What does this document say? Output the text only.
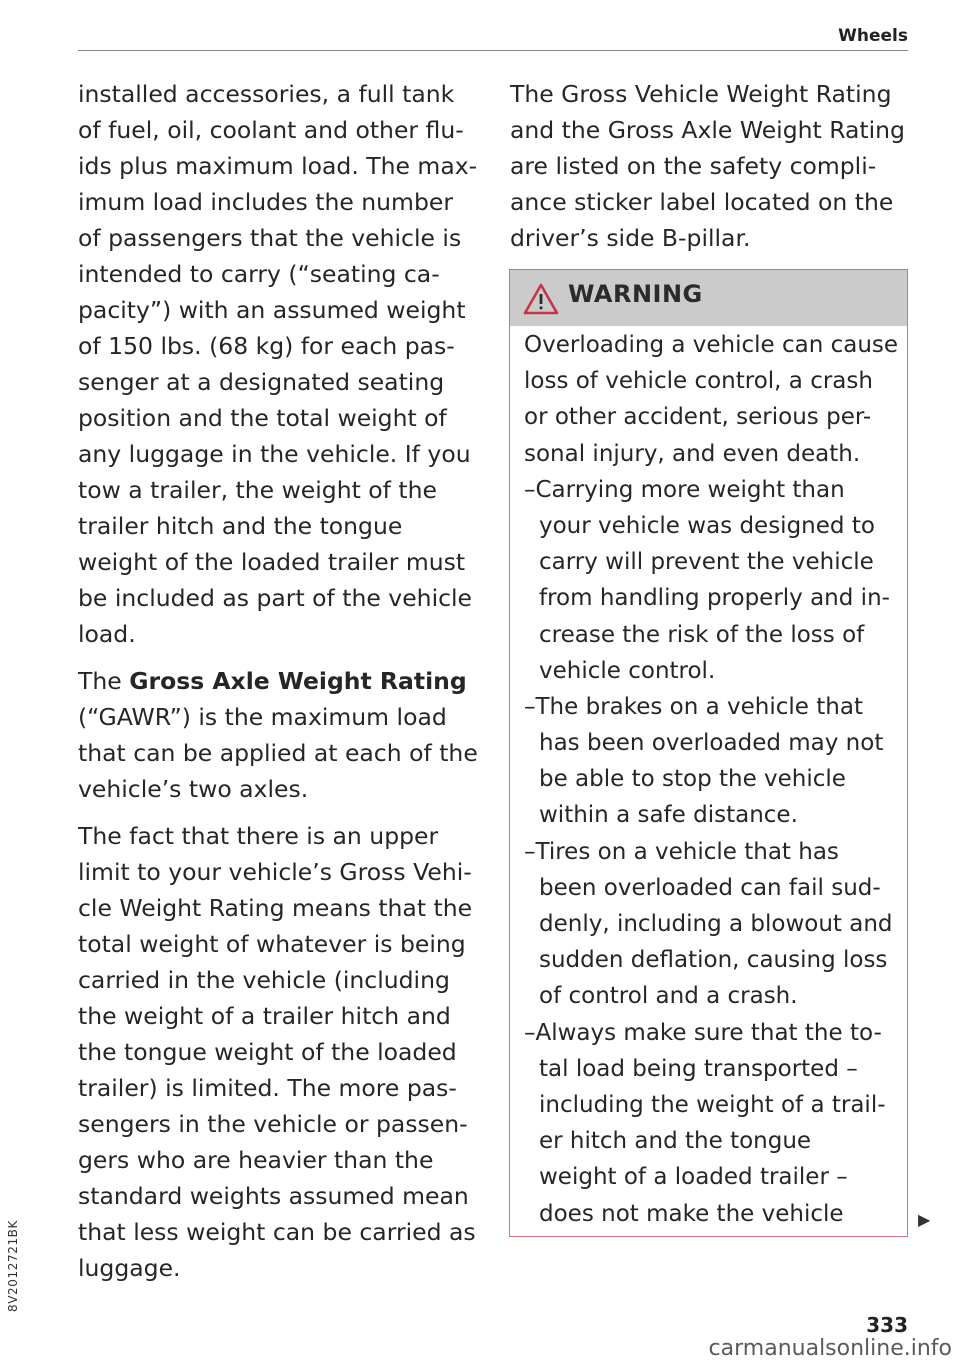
Wheels
installed accessories, a full tank
of fuel, oil, coolant and other flu-
ids plus maximum load. The max-
imum load includes the number
of passengers that the vehicle is
intended to carry (“seating ca-
pacity”) with an assumed weight
of 150 lbs. (68 kg) for each pas-
senger at a designated seating
position and the total weight of
any luggage in the vehicle. If you
tow a trailer, the weight of the
trailer hitch and the tongue
weight of the loaded trailer must
be included as part of the vehicle
load.
The Gross Axle Weight Rating
(“GAWR”) is the maximum load
that can be applied at each of the
vehicle’s two axles.
The fact that there is an upper
limit to your vehicle’s Gross Vehi-
cle Weight Rating means that the
total weight of whatever is being
carried in the vehicle (including
the weight of a trailer hitch and
the tongue weight of the loaded
trailer) is limited. The more pas-
sengers in the vehicle or passen-
gers who are heavier than the
standard weights assumed mean
that less weight can be carried as
luggage.
The Gross Vehicle Weight Rating
and the Gross Axle Weight Rating
are listed on the safety compli-
ance sticker label located on the
driver’s side B-pillar.
WARNING
Overloading a vehicle can cause
loss of vehicle control, a crash
or other accident, serious per-
sonal injury, and even death.
–Carrying more weight than
your vehicle was designed to
carry will prevent the vehicle
from handling properly and in-
crease the risk of the loss of
vehicle control.
–The brakes on a vehicle that
has been overloaded may not
be able to stop the vehicle
within a safe distance.
–Tires on a vehicle that has
been overloaded can fail sud-
denly, including a blowout and
sudden deflation, causing loss
of control and a crash.
–Always make sure that the to-
tal load being transported –
including the weight of a trail-
er hitch and the tongue
weight of a loaded trailer –
does not make the vehicle	▶
8V2012721BK
333
carmanualsonline.info
